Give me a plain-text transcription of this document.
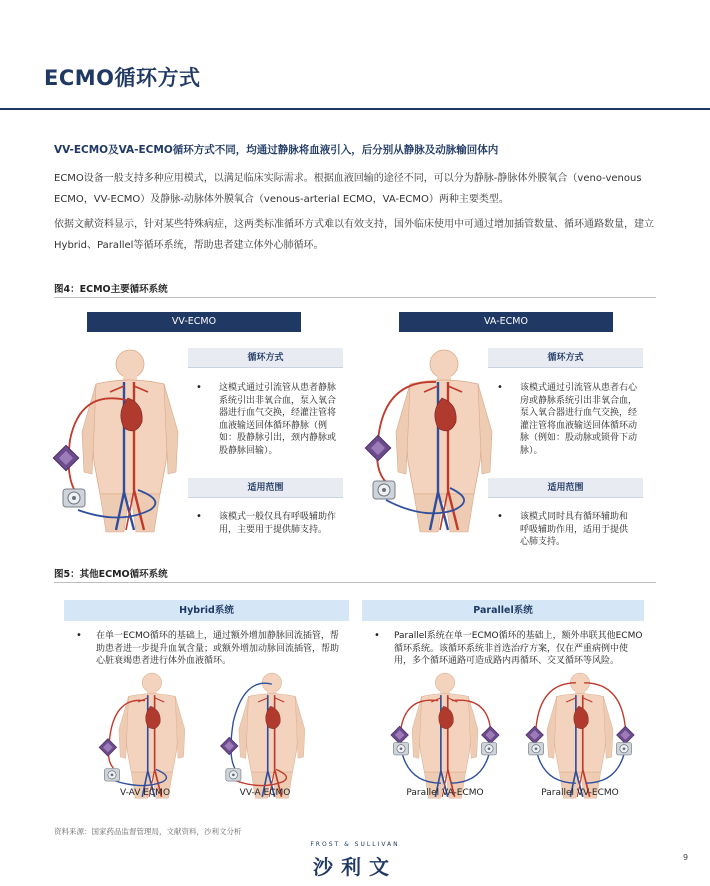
ECMO循环方式
VV-ECMO及VA-ECMO循环方式不同，均通过静脉将血液引入，后分别从静脉及动脉输回体内
ECMO设备一般支持多种应用模式，以满足临床实际需求。根据血液回输的途径不同，可以分为静脉-静脉体外膜氧合（veno-venous ECMO，VV-ECMO）及静脉-动脉体外膜氧合（venous-arterial ECMO，VA-ECMO）两种主要类型。
依据文献资料显示，针对某些特殊病症，这两类标准循环方式难以有效支持，国外临床使用中可通过增加插管数量、循环通路数量，建立Hybrid、Parallel等循环系统，帮助患者建立体外心肺循环。
图4：ECMO主要循环系统
VV-ECMO	VA-ECMO
循环方式
• 这模式通过引流管从患者静脉系统引出非氧合血，泵入氧合器进行血气交换，经灌注管将血液输送回体循环静脉（例如：股静脉引出，颈内静脉或股静脉回输）。
适用范围
• 该模式一般仅具有呼吸辅助作用，主要用于提供肺支持。
循环方式
• 该模式通过引流管从患者右心房或静脉系统引出非氧合血，泵入氧合器进行血气交换，经灌注管将血液输送回体循环动脉（例如：股动脉或锁骨下动脉）。
适用范围
• 该模式同时具有循环辅助和呼吸辅助作用，适用于提供心肺支持。
图5：其他ECMO循环系统
Hybrid系统	Parallel系统
• 在单一ECMO循环的基础上，通过额外增加静脉回流插管，帮助患者进一步提升血氧含量；或额外增加动脉回流插管，帮助心脏衰竭患者进行体外血液循环。
• Parallel系统在单一ECMO循环的基础上，额外串联其他ECMO循环系统。该循环系统非首选治疗方案，仅在严重病例中使用，多个循环通路可造成路内再循环、交叉循环等风险。
V-AV ECMO	VV-A ECMO	Parallel VA-ECMO	Parallel VV-ECMO
资料来源：国家药品监督管理局，文献资料，沙利文分析
FROST & SULLIVAN
沙利文	9
